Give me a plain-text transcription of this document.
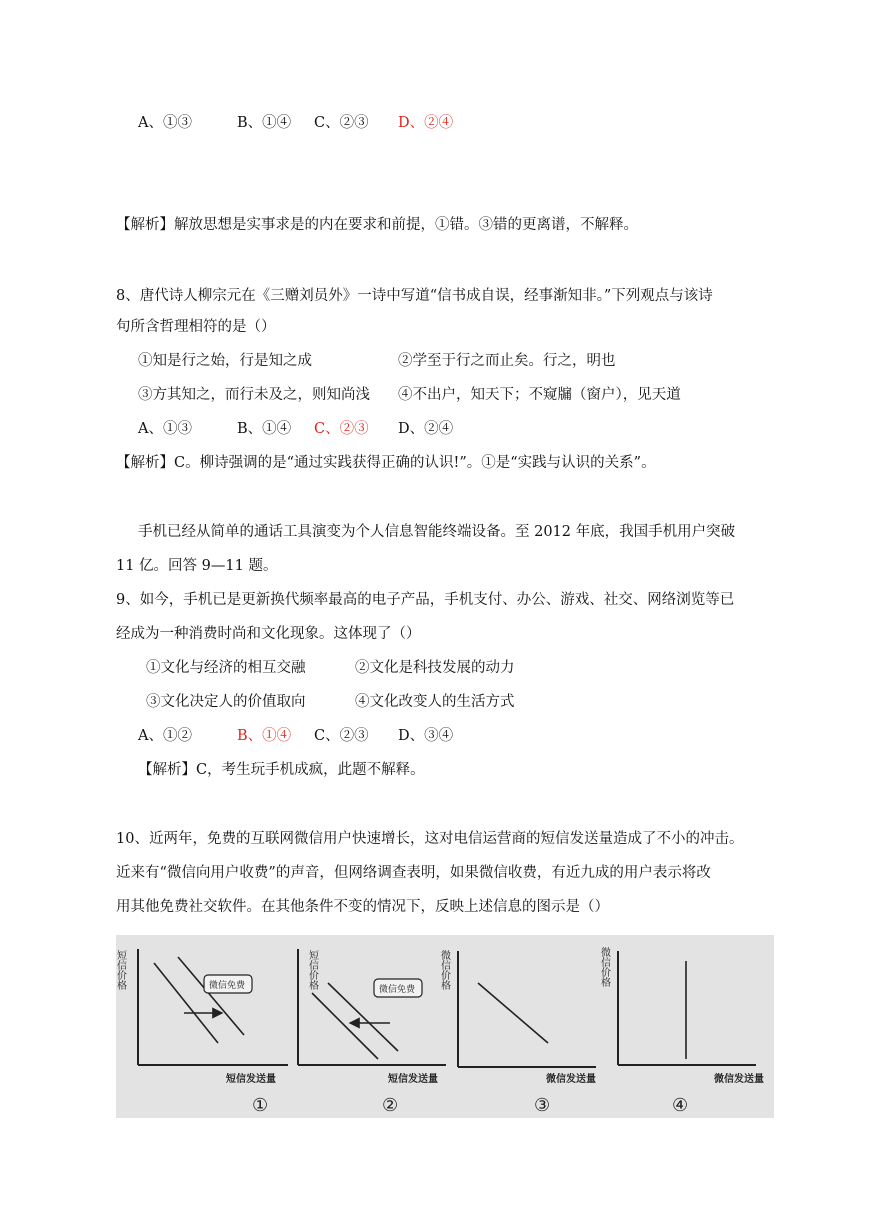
A、①③	B、①④ C、②③ D、②④
【解析】解放思想是实事求是的内在要求和前提，①错。③错的更离谱，不解释。
8、唐代诗人柳宗元在《三赠刘员外》一诗中写道“信书成自误，经事渐知非。”下列观点与该诗
句所含哲理相符的是（）
①知是行之始，行是知之成	②学至于行之而止矣。行之，明也
③方其知之，而行未及之，则知尚浅 ④不出户，知天下；不窥牖（窗户），见天道
A、①③	B、①④ C、②③ D、②④
【解析】C。柳诗强调的是“通过实践获得正确的认识!”。①是“实践与认识的关系”。
手机已经从简单的通话工具演变为个人信息智能终端设备。至 2012 年底，我国手机用户突破
11 亿。回答 9—11 题。
9、如今，手机已是更新换代频率最高的电子产品，手机支付、办公、游戏、社交、网络浏览等已
经成为一种消费时尚和文化现象。这体现了（）
①文化与经济的相互交融	②文化是科技发展的动力
③文化决定人的价值取向	④文化改变人的生活方式
A、①②	B、①④ C、②③ D、③④
【解析】C，考生玩手机成疯，此题不解释。
10、近两年，免费的互联网微信用户快速增长，这对电信运营商的短信发送量造成了不小的冲击。
近来有“微信向用户收费”的声音，但网络调查表明，如果微信收费，有近九成的用户表示将改
用其他免费社交软件。在其他条件不变的情况下，反映上述信息的图示是（）
短信价格
短信发送量
微信免费
①
短信价格
短信发送量
微信免费
②
微信价格
微信发送量
③
微信价格
微信发送量
④
